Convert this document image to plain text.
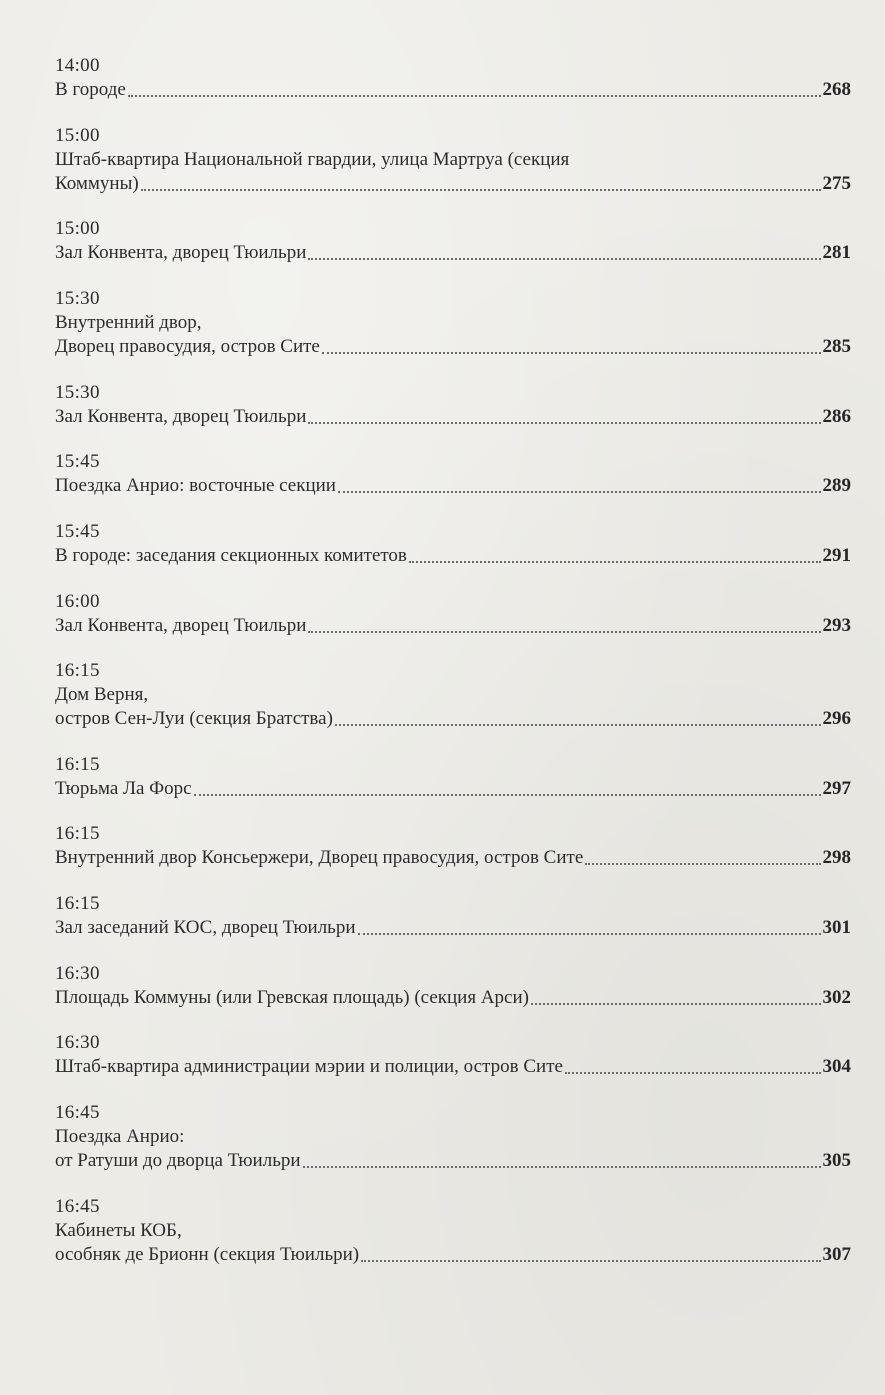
14:00
В городе	268
15:00
Штаб-квартира Национальной гвардии, улица Мартруа (секция
Коммуны)	275
15:00
Зал Конвента, дворец Тюильри	281
15:30
Внутренний двор,
Дворец правосудия, остров Сите	285
15:30
Зал Конвента, дворец Тюильри	286
15:45
Поездка Анрио: восточные секции	289
15:45
В городе: заседания секционных комитетов	291
16:00
Зал Конвента, дворец Тюильри	293
16:15
Дом Верня,
остров Сен-Луи (секция Братства)	296
16:15
Тюрьма Ла Форс	297
16:15
Внутренний двор Консьержери, Дворец правосудия, остров Сите	298
16:15
Зал заседаний КОС, дворец Тюильри	301
16:30
Площадь Коммуны (или Гревская площадь) (секция Арси)	302
16:30
Штаб-квартира администрации мэрии и полиции, остров Сите	304
16:45
Поездка Анрио:
от Ратуши до дворца Тюильри	305
16:45
Кабинеты КОБ,
особняк де Брионн (секция Тюильри)	307
